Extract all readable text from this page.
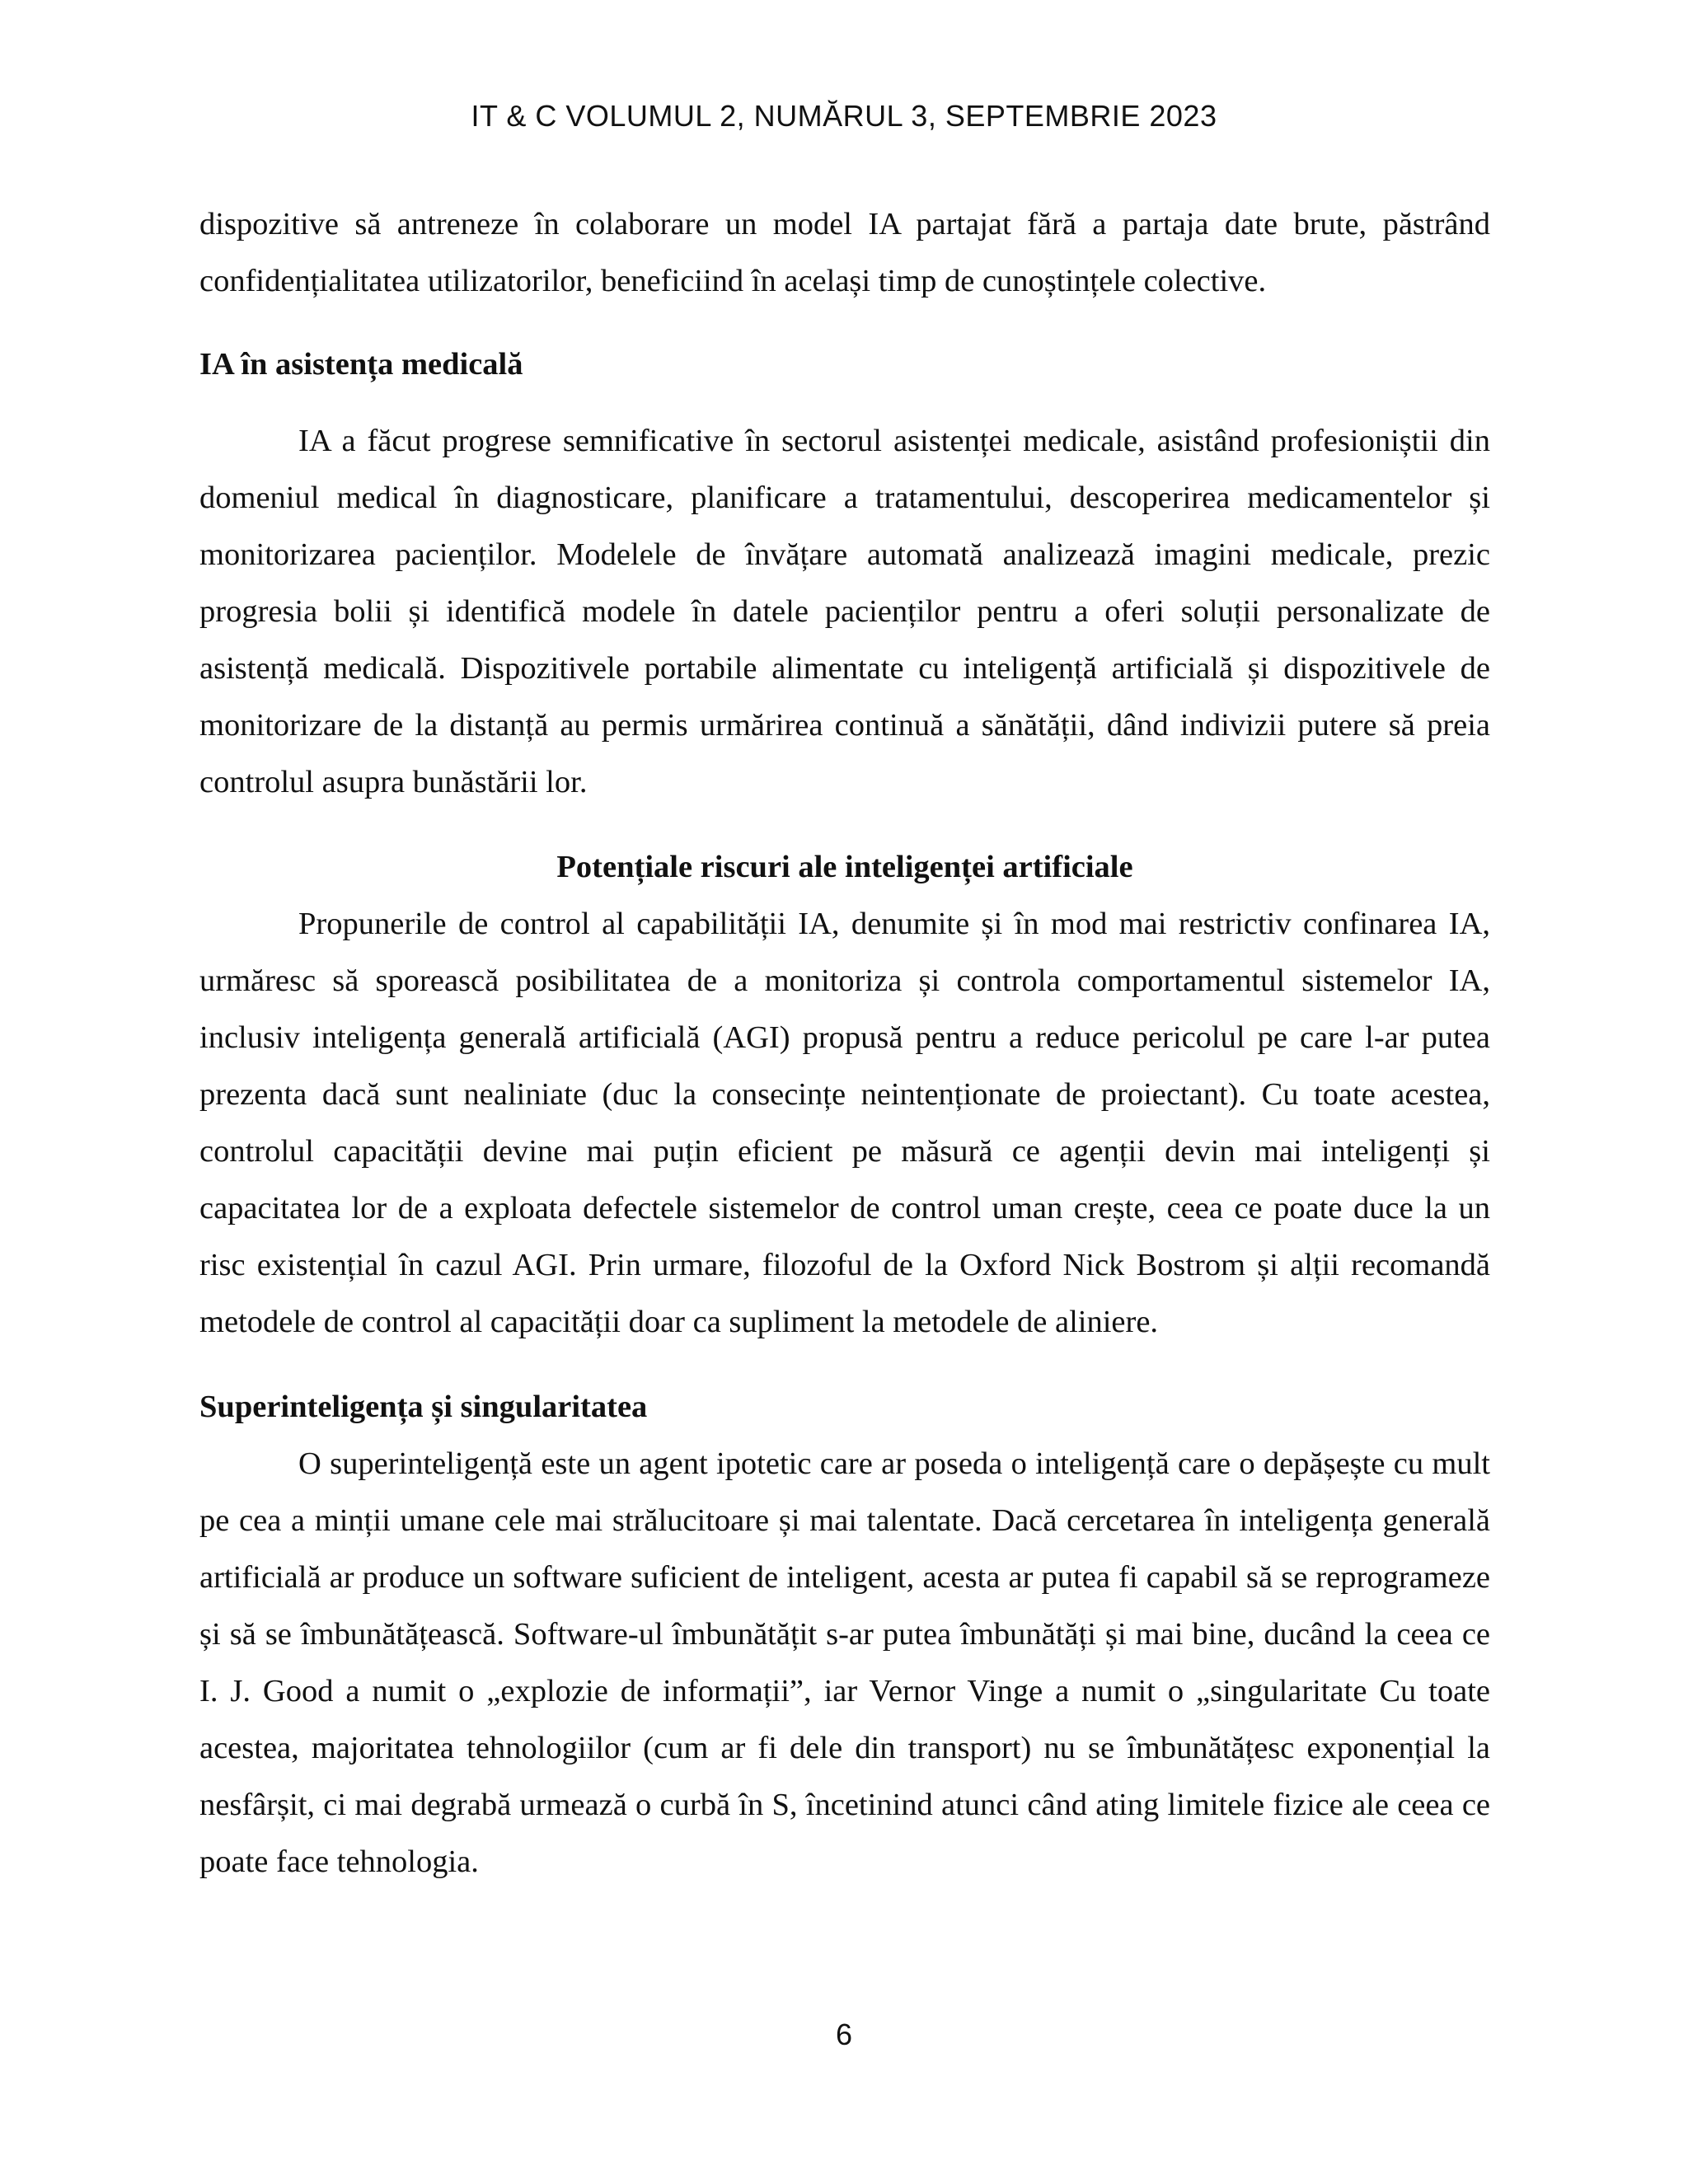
IT & C VOLUMUL 2, NUMĂRUL 3, SEPTEMBRIE 2023

dispozitive să antreneze în colaborare un model IA partajat fără a partaja date brute, păstrând confidențialitatea utilizatorilor, beneficiind în același timp de cunoștințele colective.

IA în asistența medicală

IA a făcut progrese semnificative în sectorul asistenței medicale, asistând profesioniștii din domeniul medical în diagnosticare, planificare a tratamentului, descoperirea medicamentelor și monitorizarea pacienților. Modelele de învățare automată analizează imagini medicale, prezic progresia bolii și identifică modele în datele pacienților pentru a oferi soluții personalizate de asistență medicală. Dispozitivele portabile alimentate cu inteligență artificială și dispozitivele de monitorizare de la distanță au permis urmărirea continuă a sănătății, dând indivizii putere să preia controlul asupra bunăstării lor.

Potențiale riscuri ale inteligenței artificiale

Propunerile de control al capabilității IA, denumite și în mod mai restrictiv confinarea IA, urmăresc să sporească posibilitatea de a monitoriza și controla comportamentul sistemelor IA, inclusiv inteligența generală artificială (AGI) propusă pentru a reduce pericolul pe care l-ar putea prezenta dacă sunt nealiniate (duc la consecințe neintenționate de proiectant). Cu toate acestea, controlul capacității devine mai puțin eficient pe măsură ce agenții devin mai inteligenți și capacitatea lor de a exploata defectele sistemelor de control uman crește, ceea ce poate duce la un risc existențial în cazul AGI. Prin urmare, filozoful de la Oxford Nick Bostrom și alții recomandă metodele de control al capacității doar ca supliment la metodele de aliniere.

Superinteligența și singularitatea

O superinteligență este un agent ipotetic care ar poseda o inteligență care o depășește cu mult pe cea a minții umane cele mai strălucitoare și mai talentate. Dacă cercetarea în inteligența generală artificială ar produce un software suficient de inteligent, acesta ar putea fi capabil să se reprogrameze și să se îmbunătățească. Software-ul îmbunătățit s-ar putea îmbunătăți și mai bine, ducând la ceea ce I. J. Good a numit o „explozie de informații”, iar Vernor Vinge a numit o „singularitate Cu toate acestea, majoritatea tehnologiilor (cum ar fi dele din transport) nu se îmbunătățesc exponențial la nesfârșit, ci mai degrabă urmează o curbă în S, încetinind atunci când ating limitele fizice ale ceea ce poate face tehnologia.

6
